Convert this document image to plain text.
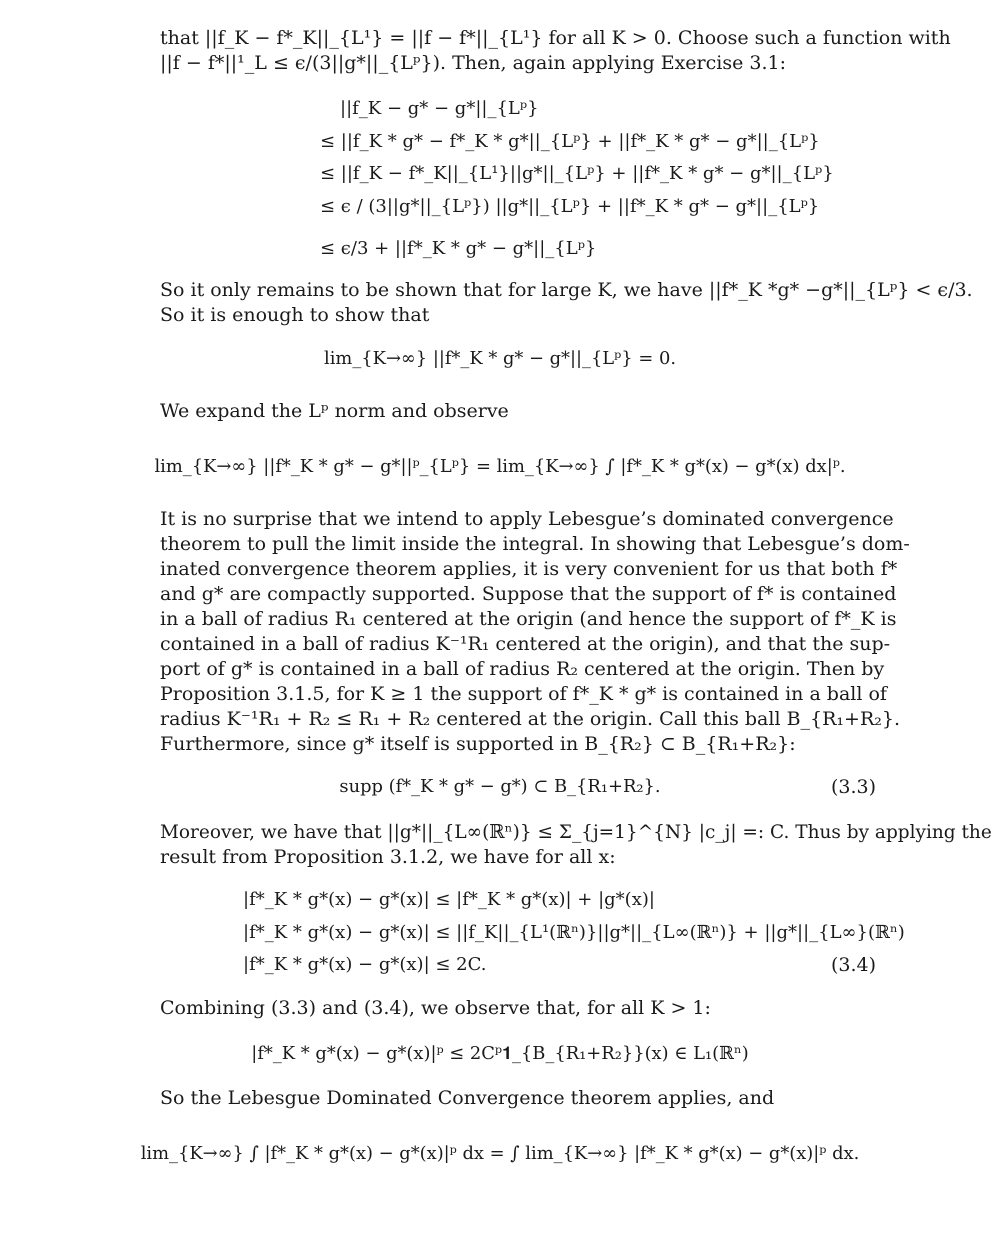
that ||f_K − f*_K||_{L¹} = ||f − f*||_{L¹} for all K > 0. Choose such a function with
||f − f*||¹_L ≤ ϵ/(3||g*||_{Lᵖ}). Then, again applying Exercise 3.1:
||f_K − g* − g*||_{Lᵖ}
≤ ||f_K * g* − f*_K * g*||_{Lᵖ} + ||f*_K * g* − g*||_{Lᵖ}
≤ ||f_K − f*_K||_{L¹}||g*||_{Lᵖ} + ||f*_K * g* − g*||_{Lᵖ}
≤ ϵ / (3||g*||_{Lᵖ}) ||g*||_{Lᵖ} + ||f*_K * g* − g*||_{Lᵖ}
≤ ϵ/3 + ||f*_K * g* − g*||_{Lᵖ}
So it only remains to be shown that for large K, we have ||f*_K *g* −g*||_{Lᵖ} < ϵ/3.
So it is enough to show that
lim_{K→∞} ||f*_K * g* − g*||_{Lᵖ} = 0.
We expand the Lᵖ norm and observe
lim_{K→∞} ||f*_K * g* − g*||ᵖ_{Lᵖ} = lim_{K→∞} ∫ |f*_K * g*(x) − g*(x) dx|ᵖ.
It is no surprise that we intend to apply Lebesgue’s dominated convergence
theorem to pull the limit inside the integral. In showing that Lebesgue’s dom-
inated convergence theorem applies, it is very convenient for us that both f*
and g* are compactly supported. Suppose that the support of f* is contained
in a ball of radius R₁ centered at the origin (and hence the support of f*_K is
contained in a ball of radius K⁻¹R₁ centered at the origin), and that the sup-
port of g* is contained in a ball of radius R₂ centered at the origin. Then by
Proposition 3.1.5, for K ≥ 1 the support of f*_K * g* is contained in a ball of
radius K⁻¹R₁ + R₂ ≤ R₁ + R₂ centered at the origin. Call this ball B_{R₁+R₂}.
Furthermore, since g* itself is supported in B_{R₂} ⊂ B_{R₁+R₂}:
supp (f*_K * g* − g*) ⊂ B_{R₁+R₂}.	(3.3)
Moreover, we have that ||g*||_{L∞(ℝⁿ)} ≤ Σ_{j=1}^{N} |c_j| =: C. Thus by applying the
result from Proposition 3.1.2, we have for all x:
|f*_K * g*(x) − g*(x)| ≤ |f*_K * g*(x)| + |g*(x)|
|f*_K * g*(x) − g*(x)| ≤ ||f_K||_{L¹(ℝⁿ)}||g*||_{L∞(ℝⁿ)} + ||g*||_{L∞}(ℝⁿ)
|f*_K * g*(x) − g*(x)| ≤ 2C.	(3.4)
Combining (3.3) and (3.4), we observe that, for all K > 1:
|f*_K * g*(x) − g*(x)|ᵖ ≤ 2Cᵖ𝟏_{B_{R₁+R₂}}(x) ∈ L₁(ℝⁿ)
So the Lebesgue Dominated Convergence theorem applies, and
lim_{K→∞} ∫ |f*_K * g*(x) − g*(x)|ᵖ dx = ∫ lim_{K→∞} |f*_K * g*(x) − g*(x)|ᵖ dx.
